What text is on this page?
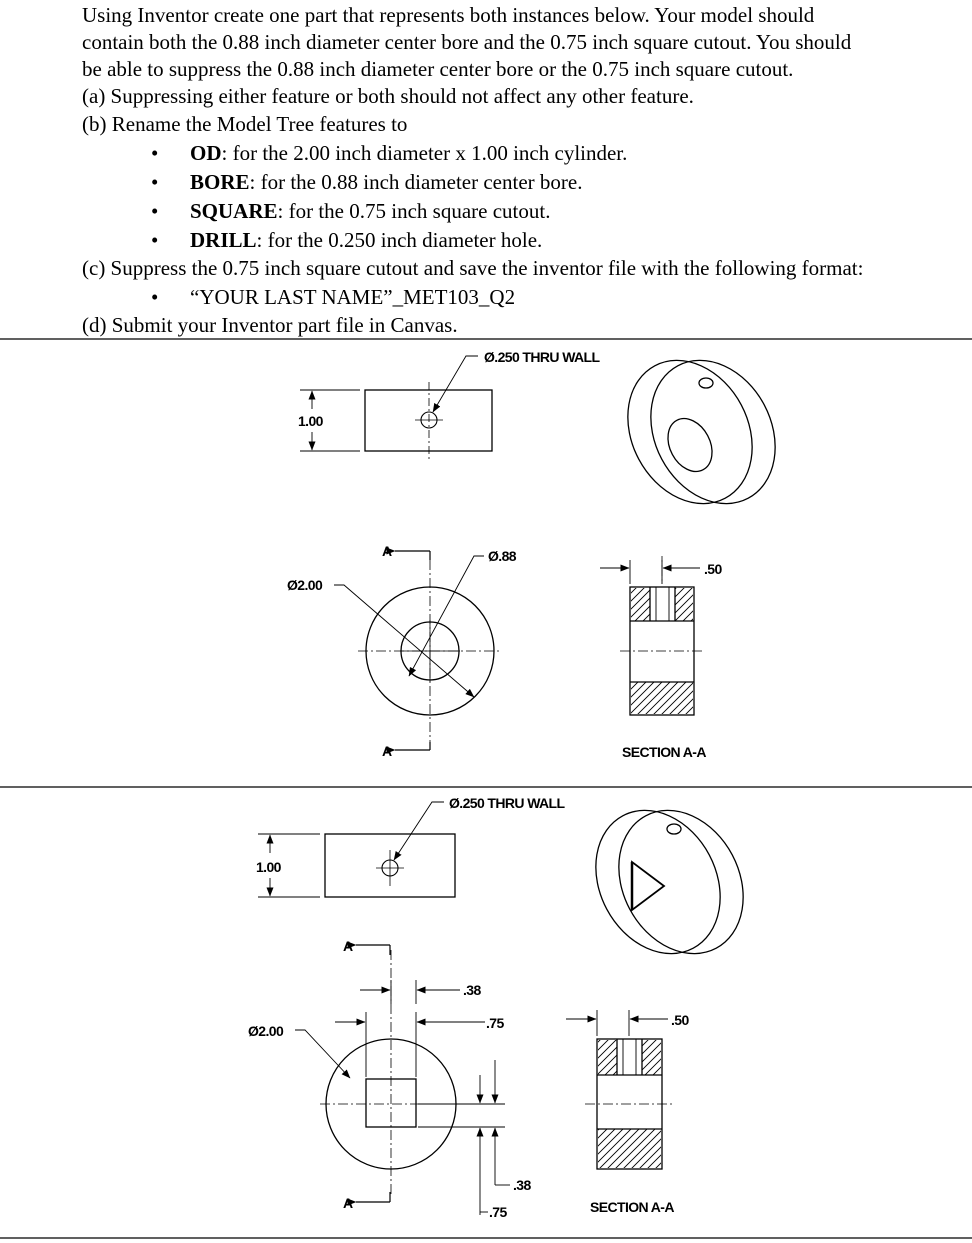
Using Inventor create one part that represents both instances below. Your model should
contain both the 0.88 inch diameter center bore and the 0.75 inch square cutout. You should
be able to suppress the 0.88 inch diameter center bore or the 0.75 inch square cutout.
(a) Suppressing either feature or both should not affect any other feature.
(b) Rename the Model Tree features to
• OD: for the 2.00 inch diameter x 1.00 inch cylinder.
• BORE: for the 0.88 inch diameter center bore.
• SQUARE: for the 0.75 inch square cutout.
• DRILL: for the 0.250 inch diameter hole.
(c) Suppress the 0.75 inch square cutout and save the inventor file with the following format:
• “YOUR LAST NAME”_MET103_Q2
(d) Submit your Inventor part file in Canvas.
1.00
Ø.250 THRU WALL
Ø2.00
Ø.88
A
A
.50
SECTION A-A
1.00
Ø.250 THRU WALL
Ø2.00
.38
.75
.38
.75
A
A
.50
SECTION A-A
